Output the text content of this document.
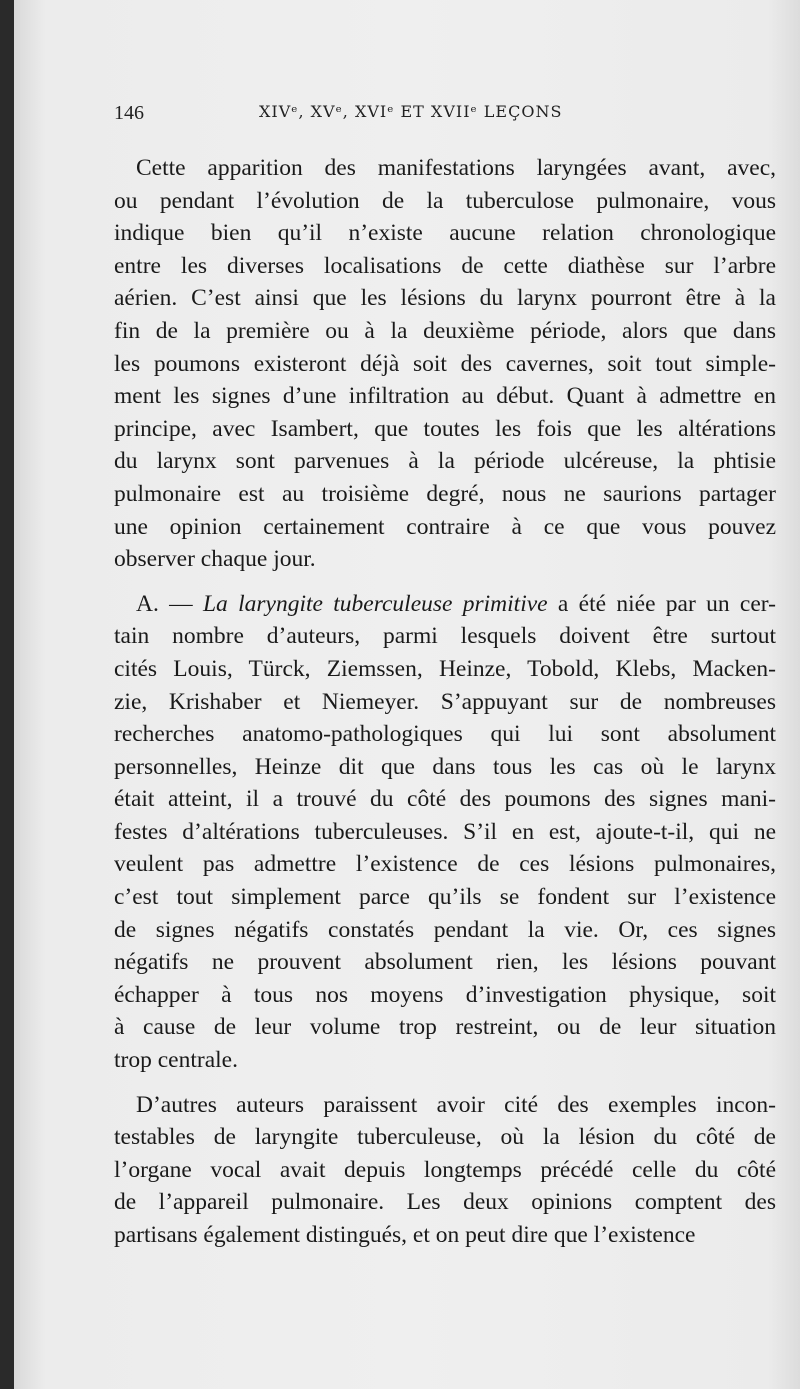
146	XIVᵉ, XVᵉ, XVIᵉ ET XVIIᵉ LEÇONS
Cette apparition des manifestations laryngées avant, avec,
ou pendant l’évolution de la tuberculose pulmonaire, vous
indique bien qu’il n’existe aucune relation chronologique
entre les diverses localisations de cette diathèse sur l’arbre
aérien. C’est ainsi que les lésions du larynx pourront être à la
fin de la première ou à la deuxième période, alors que dans
les poumons existeront déjà soit des cavernes, soit tout simple-
ment les signes d’une infiltration au début. Quant à admettre en
principe, avec Isambert, que toutes les fois que les altérations
du larynx sont parvenues à la période ulcéreuse, la phtisie
pulmonaire est au troisième degré, nous ne saurions partager
une opinion certainement contraire à ce que vous pouvez
observer chaque jour.
A. — La laryngite tuberculeuse primitive a été niée par un cer-
tain nombre d’auteurs, parmi lesquels doivent être surtout
cités Louis, Türck, Ziemssen, Heinze, Tobold, Klebs, Macken-
zie, Krishaber et Niemeyer. S’appuyant sur de nombreuses
recherches anatomo-pathologiques qui lui sont absolument
personnelles, Heinze dit que dans tous les cas où le larynx
était atteint, il a trouvé du côté des poumons des signes mani-
festes d’altérations tuberculeuses. S’il en est, ajoute-t-il, qui ne
veulent pas admettre l’existence de ces lésions pulmonaires,
c’est tout simplement parce qu’ils se fondent sur l’existence
de signes négatifs constatés pendant la vie. Or, ces signes
négatifs ne prouvent absolument rien, les lésions pouvant
échapper à tous nos moyens d’investigation physique, soit
à cause de leur volume trop restreint, ou de leur situation
trop centrale.
D’autres auteurs paraissent avoir cité des exemples incon-
testables de laryngite tuberculeuse, où la lésion du côté de
l’organe vocal avait depuis longtemps précédé celle du côté
de l’appareil pulmonaire. Les deux opinions comptent des
partisans également distingués, et on peut dire que l’existence
